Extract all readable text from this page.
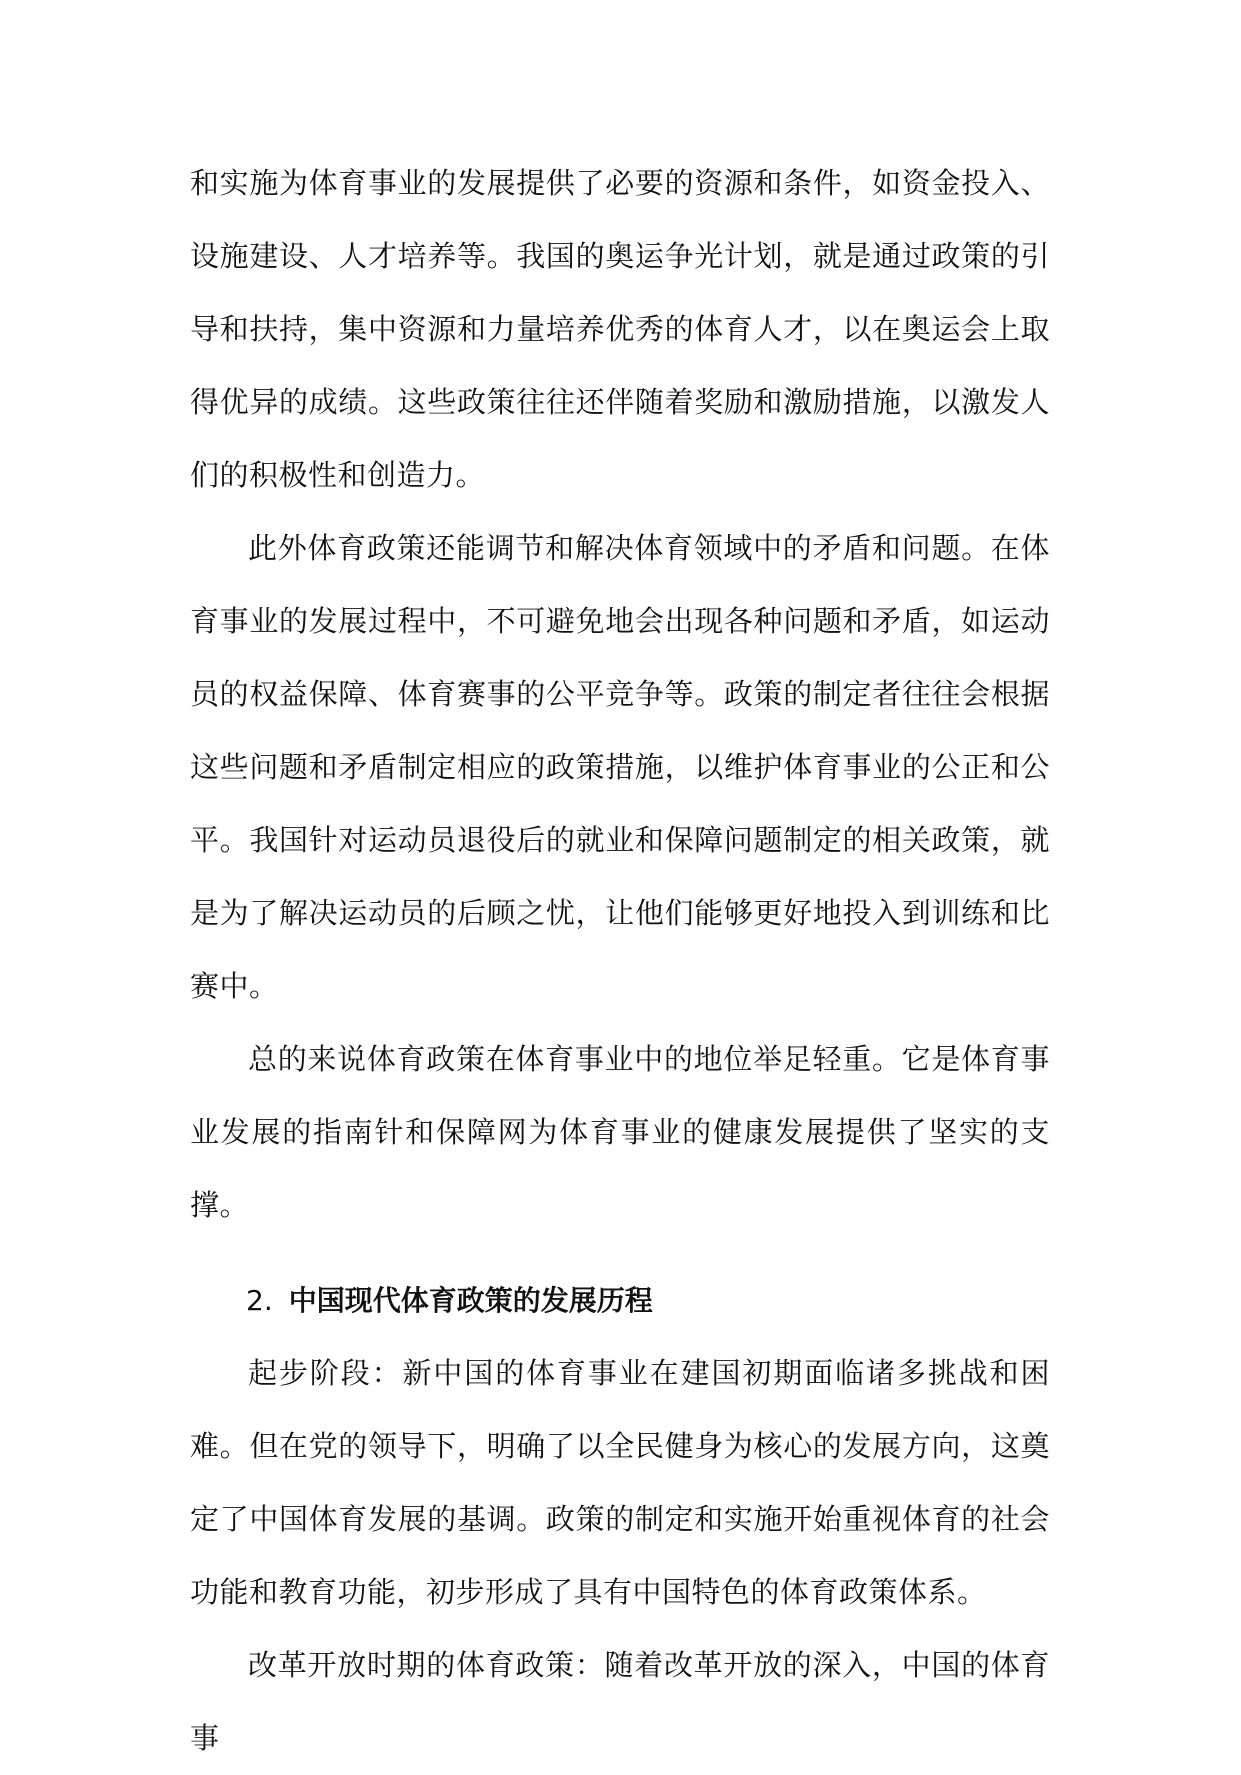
和实施为体育事业的发展提供了必要的资源和条件，如资金投入、设施建设、人才培养等。我国的奥运争光计划，就是通过政策的引导和扶持，集中资源和力量培养优秀的体育人才，以在奥运会上取得优异的成绩。这些政策往往还伴随着奖励和激励措施，以激发人们的积极性和创造力。

此外体育政策还能调节和解决体育领域中的矛盾和问题。在体育事业的发展过程中，不可避免地会出现各种问题和矛盾，如运动员的权益保障、体育赛事的公平竞争等。政策的制定者往往会根据这些问题和矛盾制定相应的政策措施，以维护体育事业的公正和公平。我国针对运动员退役后的就业和保障问题制定的相关政策，就是为了解决运动员的后顾之忧，让他们能够更好地投入到训练和比赛中。

总的来说体育政策在体育事业中的地位举足轻重。它是体育事业发展的指南针和保障网为体育事业的健康发展提供了坚实的支撑。

2. 中国现代体育政策的发展历程

起步阶段：新中国的体育事业在建国初期面临诸多挑战和困难。但在党的领导下，明确了以全民健身为核心的发展方向，这奠定了中国体育发展的基调。政策的制定和实施开始重视体育的社会功能和教育功能，初步形成了具有中国特色的体育政策体系。

改革开放时期的体育政策：随着改革开放的深入，中国的体育事
